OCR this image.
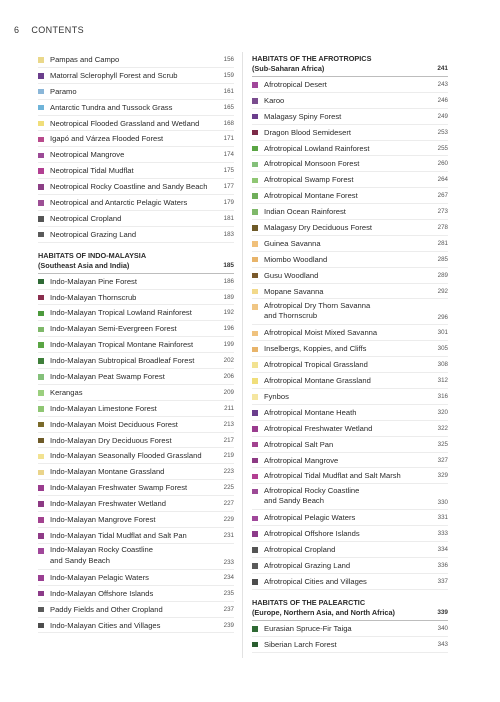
6 CONTENTS
Pampas and Campo	156
Matorral Sclerophyll Forest and Scrub	159
Paramo	161
Antarctic Tundra and Tussock Grass	165
Neotropical Flooded Grassland and Wetland	168
Igapó and Várzea Flooded Forest	171
Neotropical Mangrove	174
Neotropical Tidal Mudflat	175
Neotropical Rocky Coastline and Sandy Beach	177
Neotropical and Antarctic Pelagic Waters	179
Neotropical Cropland	181
Neotropical Grazing Land	183
HABITATS OF INDO-MALAYSIA
(Southeast Asia and India)	185
Indo-Malayan Pine Forest	186
Indo-Malayan Thornscrub	189
Indo-Malayan Tropical Lowland Rainforest	192
Indo-Malayan Semi-Evergreen Forest	196
Indo-Malayan Tropical Montane Rainforest	199
Indo-Malayan Subtropical Broadleaf Forest	202
Indo-Malayan Peat Swamp Forest	206
Kerangas	209
Indo-Malayan Limestone Forest	211
Indo-Malayan Moist Deciduous Forest	213
Indo-Malayan Dry Deciduous Forest	217
Indo-Malayan Seasonally Flooded Grassland	219
Indo-Malayan Montane Grassland	223
Indo-Malayan Freshwater Swamp Forest	225
Indo-Malayan Freshwater Wetland	227
Indo-Malayan Mangrove Forest	229
Indo-Malayan Tidal Mudflat and Salt Pan	231
Indo-Malayan Rocky Coastline
and Sandy Beach	233
Indo-Malayan Pelagic Waters	234
Indo-Malayan Offshore Islands	235
Paddy Fields and Other Cropland	237
Indo-Malayan Cities and Villages	239
HABITATS OF THE AFROTROPICS
(Sub-Saharan Africa)	241
Afrotropical Desert	243
Karoo	246
Malagasy Spiny Forest	249
Dragon Blood Semidesert	253
Afrotropical Lowland Rainforest	255
Afrotropical Monsoon Forest	260
Afrotropical Swamp Forest	264
Afrotropical Montane Forest	267
Indian Ocean Rainforest	273
Malagasy Dry Deciduous Forest	278
Guinea Savanna	281
Miombo Woodland	285
Gusu Woodland	289
Mopane Savanna	292
Afrotropical Dry Thorn Savanna
and Thornscrub	296
Afrotropical Moist Mixed Savanna	301
Inselbergs, Koppies, and Cliffs	305
Afrotropical Tropical Grassland	308
Afrotropical Montane Grassland	312
Fynbos	316
Afrotropical Montane Heath	320
Afrotropical Freshwater Wetland	322
Afrotropical Salt Pan	325
Afrotropical Mangrove	327
Afrotropical Tidal Mudflat and Salt Marsh	329
Afrotropical Rocky Coastline
and Sandy Beach	330
Afrotropical Pelagic Waters	331
Afrotropical Offshore Islands	333
Afrotropical Cropland	334
Afrotropical Grazing Land	336
Afrotropical Cities and Villages	337
HABITATS OF THE PALEARCTIC
(Europe, Northern Asia, and North Africa)	339
Eurasian Spruce-Fir Taiga	340
Siberian Larch Forest	343
